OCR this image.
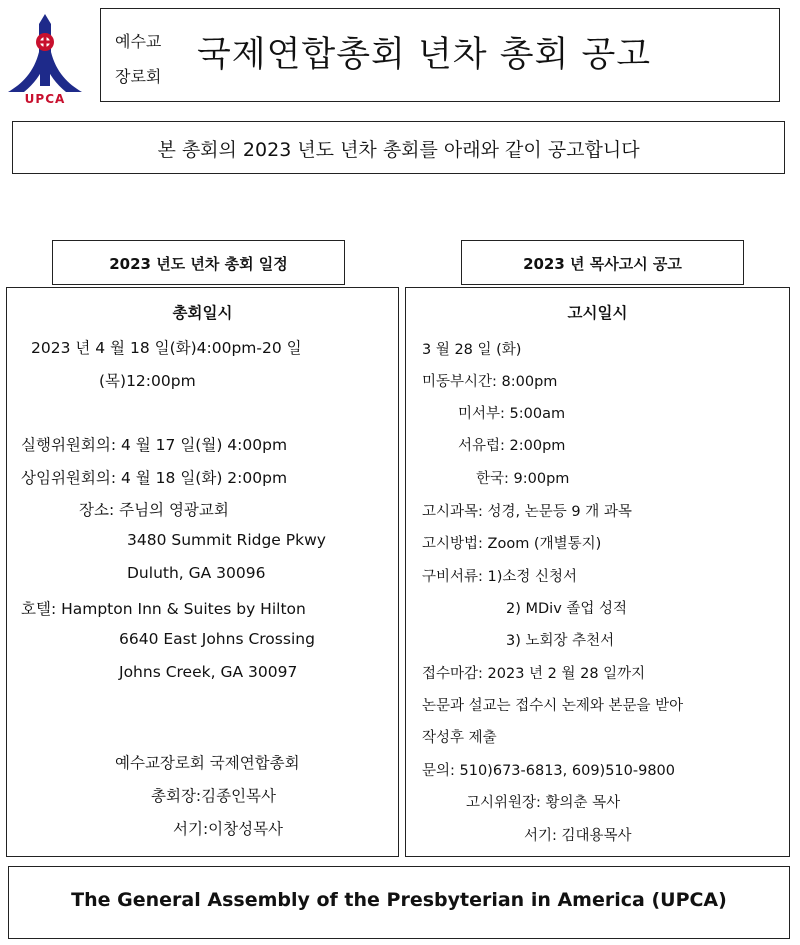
UPCA
예수교
장로회
국제연합총회 년차 총회 공고
본 총회의 2023 년도 년차 총회를 아래와 같이 공고합니다
2023 년도 년차 총회 일정	2023 년 목사고시 공고
총회일시
2023 년 4 월 18 일(화)4:00pm-20 일
(목)12:00pm
실행위원회의: 4 월 17 일(월) 4:00pm
상임위원회의: 4 월 18 일(화) 2:00pm
장소: 주님의 영광교회
3480 Summit Ridge Pkwy
Duluth, GA 30096
호텔: Hampton Inn & Suites by Hilton
6640 East Johns Crossing
Johns Creek, GA 30097
예수교장로회 국제연합총회
총회장:김종인목사
서기:이창성목사
고시일시
3 월 28 일 (화)
미동부시간: 8:00pm
미서부: 5:00am
서유럽: 2:00pm
한국: 9:00pm
고시과목: 성경, 논문등 9 개 과목
고시방법: Zoom (개별통지)
구비서류: 1)소정 신청서
2) MDiv 졸업 성적
3) 노회장 추천서
접수마감: 2023 년 2 월 28 일까지
논문과 설교는 접수시 논제와 본문을 받아
작성후 제출
문의: 510)673-6813, 609)510-9800
고시위원장: 황의춘 목사
서기: 김대용목사
The General Assembly of the Presbyterian in America (UPCA)
